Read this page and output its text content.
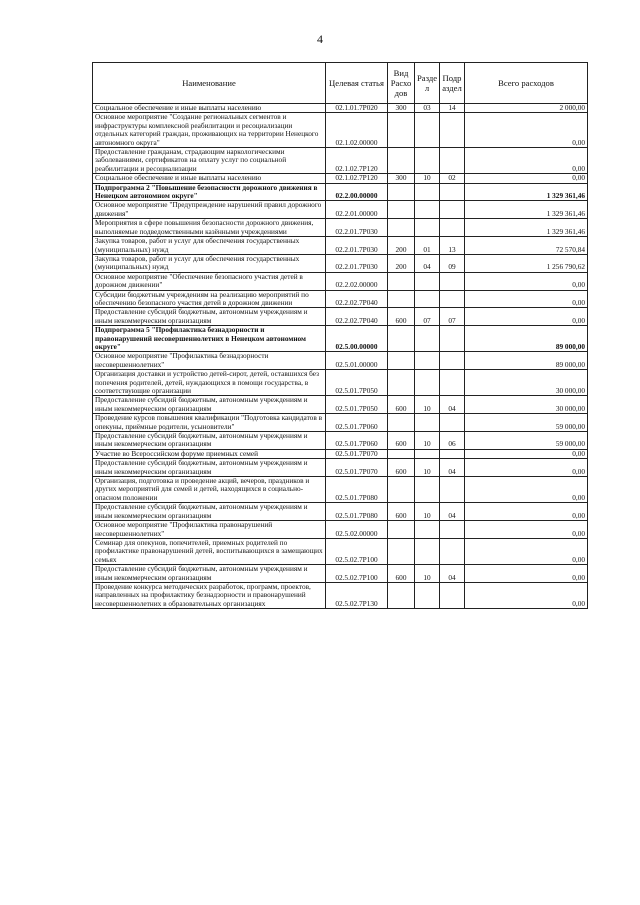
4
Наименование	Целевая статья	Вид Расхо дов	Разде л	Подр аздел	Всего расходов
Социальное обеспечение и иные выплаты населению	02.1.01.7Р020	300	03	14	2 000,00
Основное мероприятие "Создание региональных сегментов и инфраструктуры комплексной реабилитации и ресоциализации отдельных категорий граждан, проживающих на территории Ненецкого автономного округа"	02.1.02.00000				0,00
Предоставление гражданам, страдающим наркологическими заболеваниями, сертификатов на оплату услуг по социальной реабилитации и ресоциализации	02.1.02.7Р120				0,00
Социальное обеспечение и иные выплаты населению	02.1.02.7Р120	300	10	02	0,00
Подпрограмма 2 "Повышение безопасности дорожного движения в Ненецком автономном округе"	02.2.00.00000				1 329 361,46
Основное мероприятие "Предупреждение нарушений правил дорожного движения"	02.2.01.00000				1 329 361,46
Мероприятия в сфере повышения безопасности дорожного движения, выполняемые подведомственными казёнными учреждениями	02.2.01.7Р030				1 329 361,46
Закупка товаров, работ и услуг для обеспечения государственных (муниципальных) нужд	02.2.01.7Р030	200	01	13	72 570,84
Закупка товаров, работ и услуг для обеспечения государственных (муниципальных) нужд	02.2.01.7Р030	200	04	09	1 256 790,62
Основное мероприятие "Обеспечение безопасного участия детей в дорожном движении"	02.2.02.00000				0,00
Субсидии бюджетным учреждениям на реализацию мероприятий по обеспечению безопасного участия детей в дорожном движении	02.2.02.7Р040				0,00
Предоставление субсидий бюджетным, автономным учреждениям и иным некоммерческим организациям	02.2.02.7Р040	600	07	07	0,00
Подпрограмма 5 "Профилактика безнадзорности и правонарушений несовершеннолетних в Ненецком автономном округе"	02.5.00.00000				89 000,00
Основное мероприятие "Профилактика безнадзорности несовершеннолетних"	02.5.01.00000				89 000,00
Организация доставки и устройство детей-сирот, детей, оставшихся без попечения родителей, детей, нуждающихся в помощи государства, в соответствующие организации	02.5.01.7Р050				30 000,00
Предоставление субсидий бюджетным, автономным учреждениям и иным некоммерческим организациям	02.5.01.7Р050	600	10	04	30 000,00
Проведение курсов повышения квалификации "Подготовка кандидатов в опекуны, приёмные родители, усыновители"	02.5.01.7Р060				59 000,00
Предоставление субсидий бюджетным, автономным учреждениям и иным некоммерческим организациям	02.5.01.7Р060	600	10	06	59 000,00
Участие во Всероссийском форуме приемных семей	02.5.01.7Р070				0,00
Предоставление субсидий бюджетным, автономным учреждениям и иным некоммерческим организациям	02.5.01.7Р070	600	10	04	0,00
Организация, подготовка и проведение акций, вечеров, праздников и других мероприятий для семей и детей, находящихся в социально-опасном положении	02.5.01.7Р080				0,00
Предоставление субсидий бюджетным, автономным учреждениям и иным некоммерческим организациям	02.5.01.7Р080	600	10	04	0,00
Основное мероприятие "Профилактика правонарушений несовершеннолетних"	02.5.02.00000				0,00
Семинар для опекунов, попечителей, приемных родителей по профилактике правонарушений детей, воспитывающихся в замещающих семьях	02.5.02.7Р100				0,00
Предоставление субсидий бюджетным, автономным учреждениям и иным некоммерческим организациям	02.5.02.7Р100	600	10	04	0,00
Проведение конкурса методических разработок, программ, проектов, направленных на профилактику безнадзорности и правонарушений несовершеннолетних в образовательных организациях	02.5.02.7Р130				0,00
